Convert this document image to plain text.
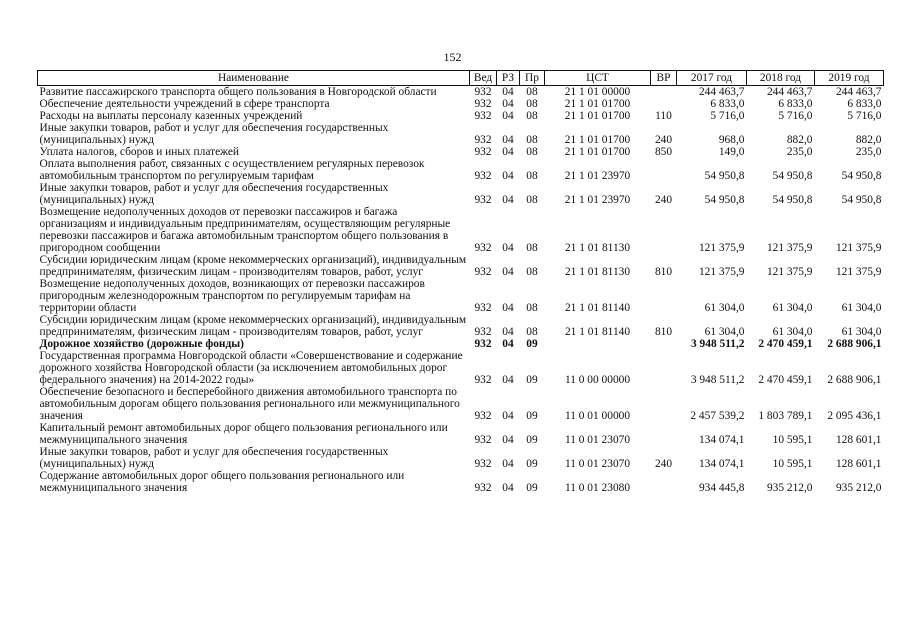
152
Наименование	Вед	РЗ	Пр	ЦСТ	ВР	2017 год	2018 год	2019 год
Развитие пассажирского транспорта общего пользования в Новгородской области	932	04	08	21 1 01 00000		244 463,7	244 463,7	244 463,7
Обеспечение деятельности учреждений в сфере транспорта	932	04	08	21 1 01 01700		6 833,0	6 833,0	6 833,0
Расходы на выплаты персоналу казенных учреждений	932	04	08	21 1 01 01700	110	5 716,0	5 716,0	5 716,0
Иные закупки товаров, работ и услуг для обеспечения государственных (муниципальных) нужд	932	04	08	21 1 01 01700	240	968,0	882,0	882,0
Уплата налогов, сборов и иных платежей	932	04	08	21 1 01 01700	850	149,0	235,0	235,0
Оплата выполнения работ, связанных с осуществлением регулярных перевозок автомобильным транспортом по регулируемым тарифам	932	04	08	21 1 01 23970		54 950,8	54 950,8	54 950,8
Иные закупки товаров, работ и услуг для обеспечения государственных (муниципальных) нужд	932	04	08	21 1 01 23970	240	54 950,8	54 950,8	54 950,8
Возмещение недополученных доходов от перевозки пассажиров и багажа организациям и индивидуальным предпринимателям, осуществляющим регулярные перевозки пассажиров и багажа автомобильным транспортом общего пользования в пригородном сообщении	932	04	08	21 1 01 81130		121 375,9	121 375,9	121 375,9
Субсидии юридическим лицам (кроме некоммерческих организаций), индивидуальным предпринимателям, физическим лицам - производителям товаров, работ, услуг	932	04	08	21 1 01 81130	810	121 375,9	121 375,9	121 375,9
Возмещение недополученных доходов, возникающих от перевозки пассажиров пригородным железнодорожным транспортом по регулируемым тарифам на территории области	932	04	08	21 1 01 81140		61 304,0	61 304,0	61 304,0
Субсидии юридическим лицам (кроме некоммерческих организаций), индивидуальным предпринимателям, физическим лицам - производителям товаров, работ, услуг	932	04	08	21 1 01 81140	810	61 304,0	61 304,0	61 304,0
Дорожное хозяйство (дорожные фонды)	932	04	09			3 948 511,2	2 470 459,1	2 688 906,1
Государственная программа Новгородской области «Совершенствование и содержание дорожного хозяйства Новгородской области (за исключением автомобильных дорог федерального значения) на 2014-2022 годы»	932	04	09	11 0 00 00000		3 948 511,2	2 470 459,1	2 688 906,1
Обеспечение безопасного и бесперебойного движения автомобильного транспорта по автомобильным дорогам общего пользования регионального или межмуниципального значения	932	04	09	11 0 01 00000		2 457 539,2	1 803 789,1	2 095 436,1
Капитальный ремонт автомобильных дорог общего пользования регионального или межмуниципального значения	932	04	09	11 0 01 23070		134 074,1	10 595,1	128 601,1
Иные закупки товаров, работ и услуг для обеспечения государственных (муниципальных) нужд	932	04	09	11 0 01 23070	240	134 074,1	10 595,1	128 601,1
Содержание автомобильных дорог общего пользования регионального или межмуниципального значения	932	04	09	11 0 01 23080		934 445,8	935 212,0	935 212,0
